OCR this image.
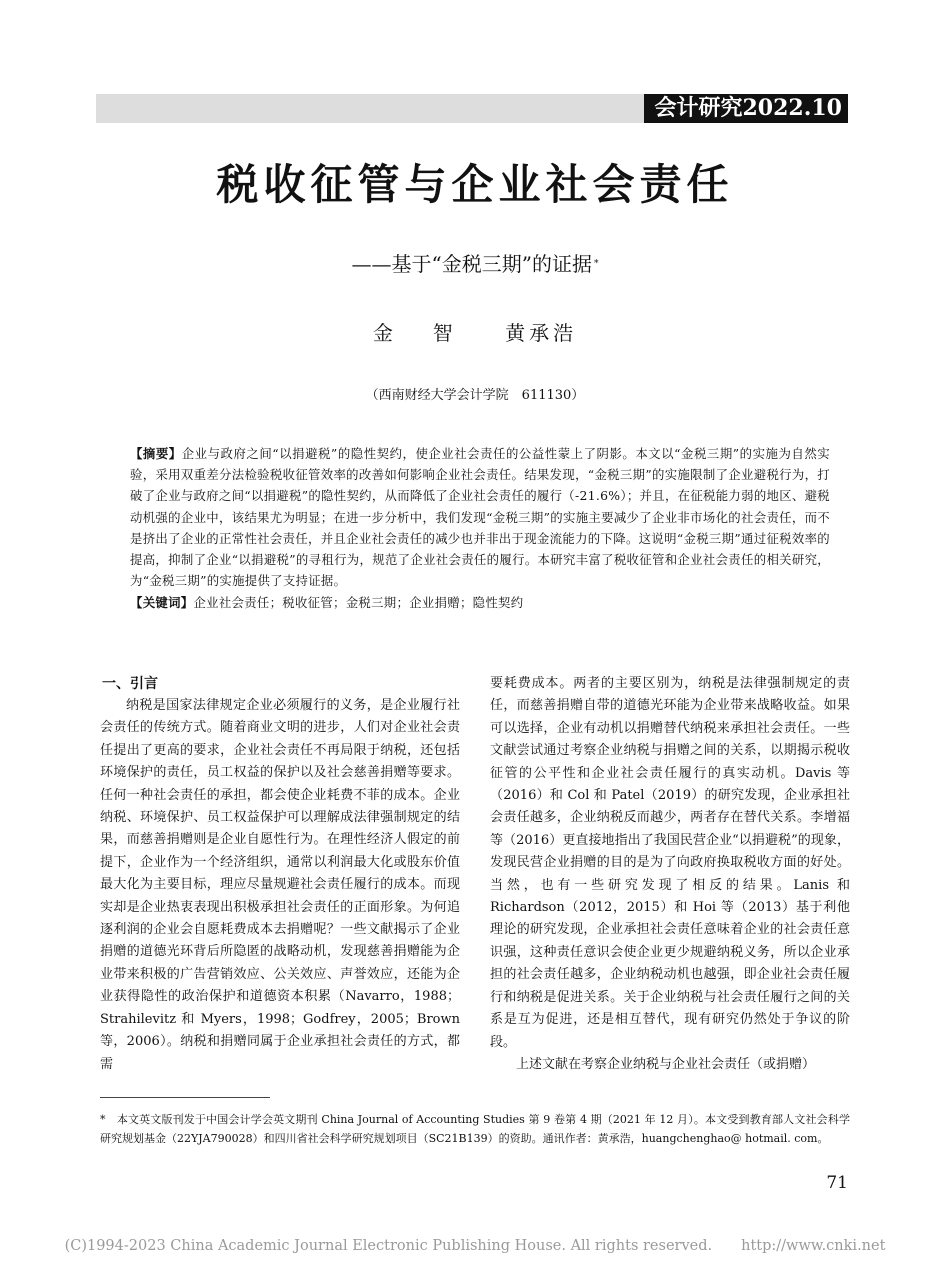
会计研究2022.10
税收征管与企业社会责任
——基于“金税三期”的证据 *
金　智 黄承浩
（西南财经大学会计学院　611130）
【摘要】企业与政府之间“以捐避税”的隐性契约，使企业社会责任的公益性蒙上了阴影。本文以“金税三期”的实施为自然实验，采用双重差分法检验税收征管效率的改善如何影响企业社会责任。结果发现，“金税三期”的实施限制了企业避税行为，打破了企业与政府之间“以捐避税”的隐性契约，从而降低了企业社会责任的履行（-21.6%）；并且，在征税能力弱的地区、避税动机强的企业中，该结果尤为明显；在进一步分析中，我们发现“金税三期”的实施主要减少了企业非市场化的社会责任，而不是挤出了企业的正常性社会责任，并且企业社会责任的减少也并非出于现金流能力的下降。这说明“金税三期”通过征税效率的提高，抑制了企业“以捐避税”的寻租行为，规范了企业社会责任的履行。本研究丰富了税收征管和企业社会责任的相关研究，为“金税三期”的实施提供了支持证据。
【关键词】企业社会责任；税收征管；金税三期；企业捐赠；隐性契约

一、引言

纳税是国家法律规定企业必须履行的义务，是企业履行社会责任的传统方式。随着商业文明的进步，人们对企业社会责任提出了更高的要求，企业社会责任不再局限于纳税，还包括环境保护的责任，员工权益的保护以及社会慈善捐赠等要求。任何一种社会责任的承担，都会使企业耗费不菲的成本。企业纳税、环境保护、员工权益保护可以理解成法律强制规定的结果，而慈善捐赠则是企业自愿性行为。在理性经济人假定的前提下，企业作为一个经济组织，通常以利润最大化或股东价值最大化为主要目标，理应尽量规避社会责任履行的成本。而现实却是企业热衷表现出积极承担社会责任的正面形象。为何追逐利润的企业会自愿耗费成本去捐赠呢？一些文献揭示了企业捐赠的道德光环背后所隐匿的战略动机，发现慈善捐赠能为企业带来积极的广告营销效应、公关效应、声誉效应，还能为企业获得隐性的政治保护和道德资本积累（Navarro，1988；Strahilevitz 和 Myers，1998；Godfrey，2005；Brown 等，2006）。纳税和捐赠同属于企业承担社会责任的方式，都需

要耗费成本。两者的主要区别为，纳税是法律强制规定的责任，而慈善捐赠自带的道德光环能为企业带来战略收益。如果可以选择，企业有动机以捐赠替代纳税来承担社会责任。一些文献尝试通过考察企业纳税与捐赠之间的关系，以期揭示税收征管的公平性和企业社会责任履行的真实动机。Davis 等（2016）和 Col 和 Patel（2019）的研究发现，企业承担社会责任越多，企业纳税反而越少，两者存在替代关系。李增福等（2016）更直接地指出了我国民营企业“以捐避税”的现象，发现民营企业捐赠的目的是为了向政府换取税收方面的好处。当然，也有一些研究发现了相反的结果。Lanis 和 Richardson（2012，2015）和 Hoi 等（2013）基于利他理论的研究发现，企业承担社会责任意味着企业的社会责任意识强，这种责任意识会使企业更少规避纳税义务，所以企业承担的社会责任越多，企业纳税动机也越强，即企业社会责任履行和纳税是促进关系。关于企业纳税与社会责任履行之间的关系是互为促进，还是相互替代，现有研究仍然处于争议的阶段。

上述文献在考察企业纳税与企业社会责任（或捐赠）

*　 本文英文版刊发于中国会计学会英文期刊 China Journal of Accounting Studies 第 9 卷第 4 期（2021 年 12 月）。本文受到教育部人文社会科学研究规划基金（22YJA790028）和四川省社会科学研究规划项目（SC21B139）的资助。通讯作者：黄承浩，huangchenghao@ hotmail. com。
71
(C)1994-2023 China Academic Journal Electronic Publishing House. All rights reserved.　　http://www.cnki.net
